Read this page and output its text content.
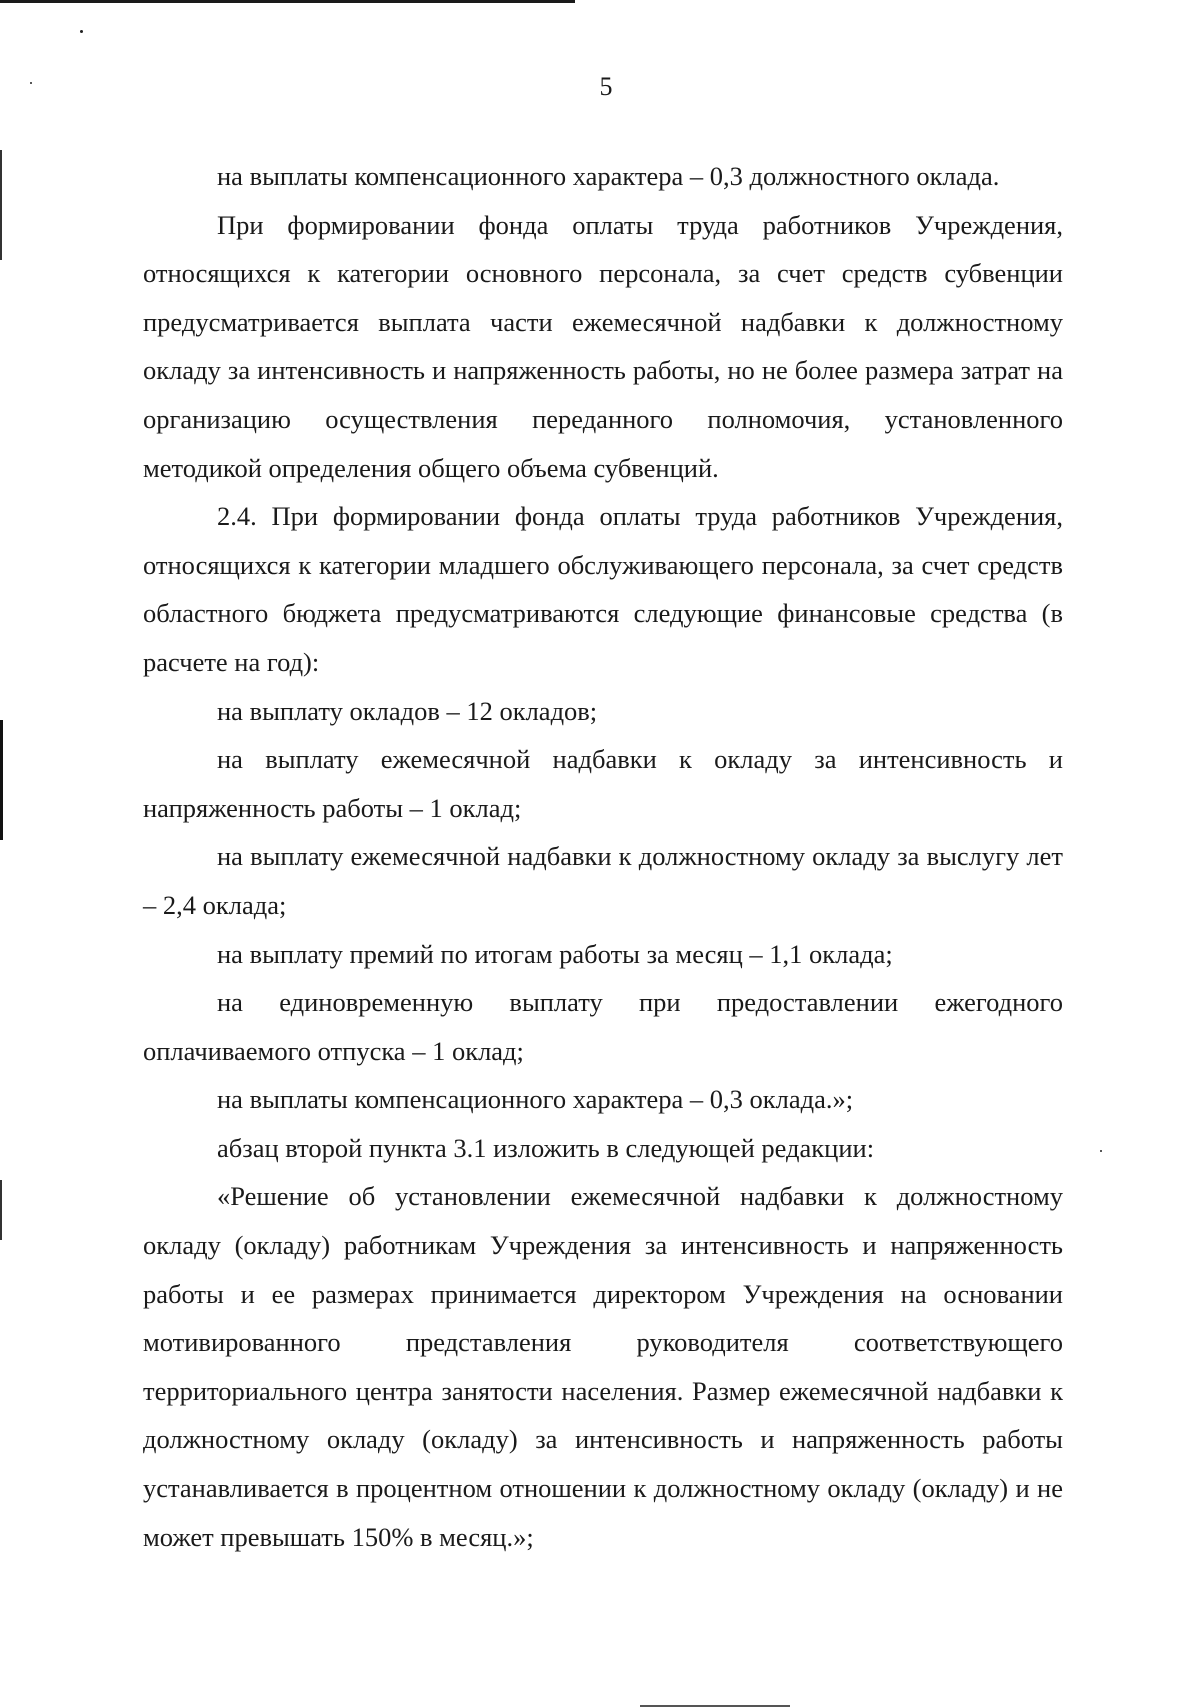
5

на выплаты компенсационного характера – 0,3 должностного оклада.

При формировании фонда оплаты труда работников Учреждения, относящихся к категории основного персонала, за счет средств субвенции предусматривается выплата части ежемесячной надбавки к должностному окладу за интенсивность и напряженность работы, но не более размера затрат на организацию осуществления переданного полномочия, установленного методикой определения общего объема субвенций.

2.4. При формировании фонда оплаты труда работников Учреждения, относящихся к категории младшего обслуживающего персонала, за счет средств областного бюджета предусматриваются следующие финансовые средства (в расчете на год):

на выплату окладов – 12 окладов;

на выплату ежемесячной надбавки к окладу за интенсивность и напряженность работы – 1 оклад;

на выплату ежемесячной надбавки к должностному окладу за выслугу лет – 2,4 оклада;

на выплату премий по итогам работы за месяц – 1,1 оклада;

на единовременную выплату при предоставлении ежегодного оплачиваемого отпуска – 1 оклад;

на выплаты компенсационного характера – 0,3 оклада.»;

абзац второй пункта 3.1 изложить в следующей редакции:

«Решение об установлении ежемесячной надбавки к должностному окладу (окладу) работникам Учреждения за интенсивность и напряженность работы и ее размерах принимается директором Учреждения на основании мотивированного представления руководителя соответствующего территориального центра занятости населения. Размер ежемесячной надбавки к должностному окладу (окладу) за интенсивность и напряженность работы устанавливается в процентном отношении к должностному окладу (окладу) и не может превышать 150% в месяц.»;
